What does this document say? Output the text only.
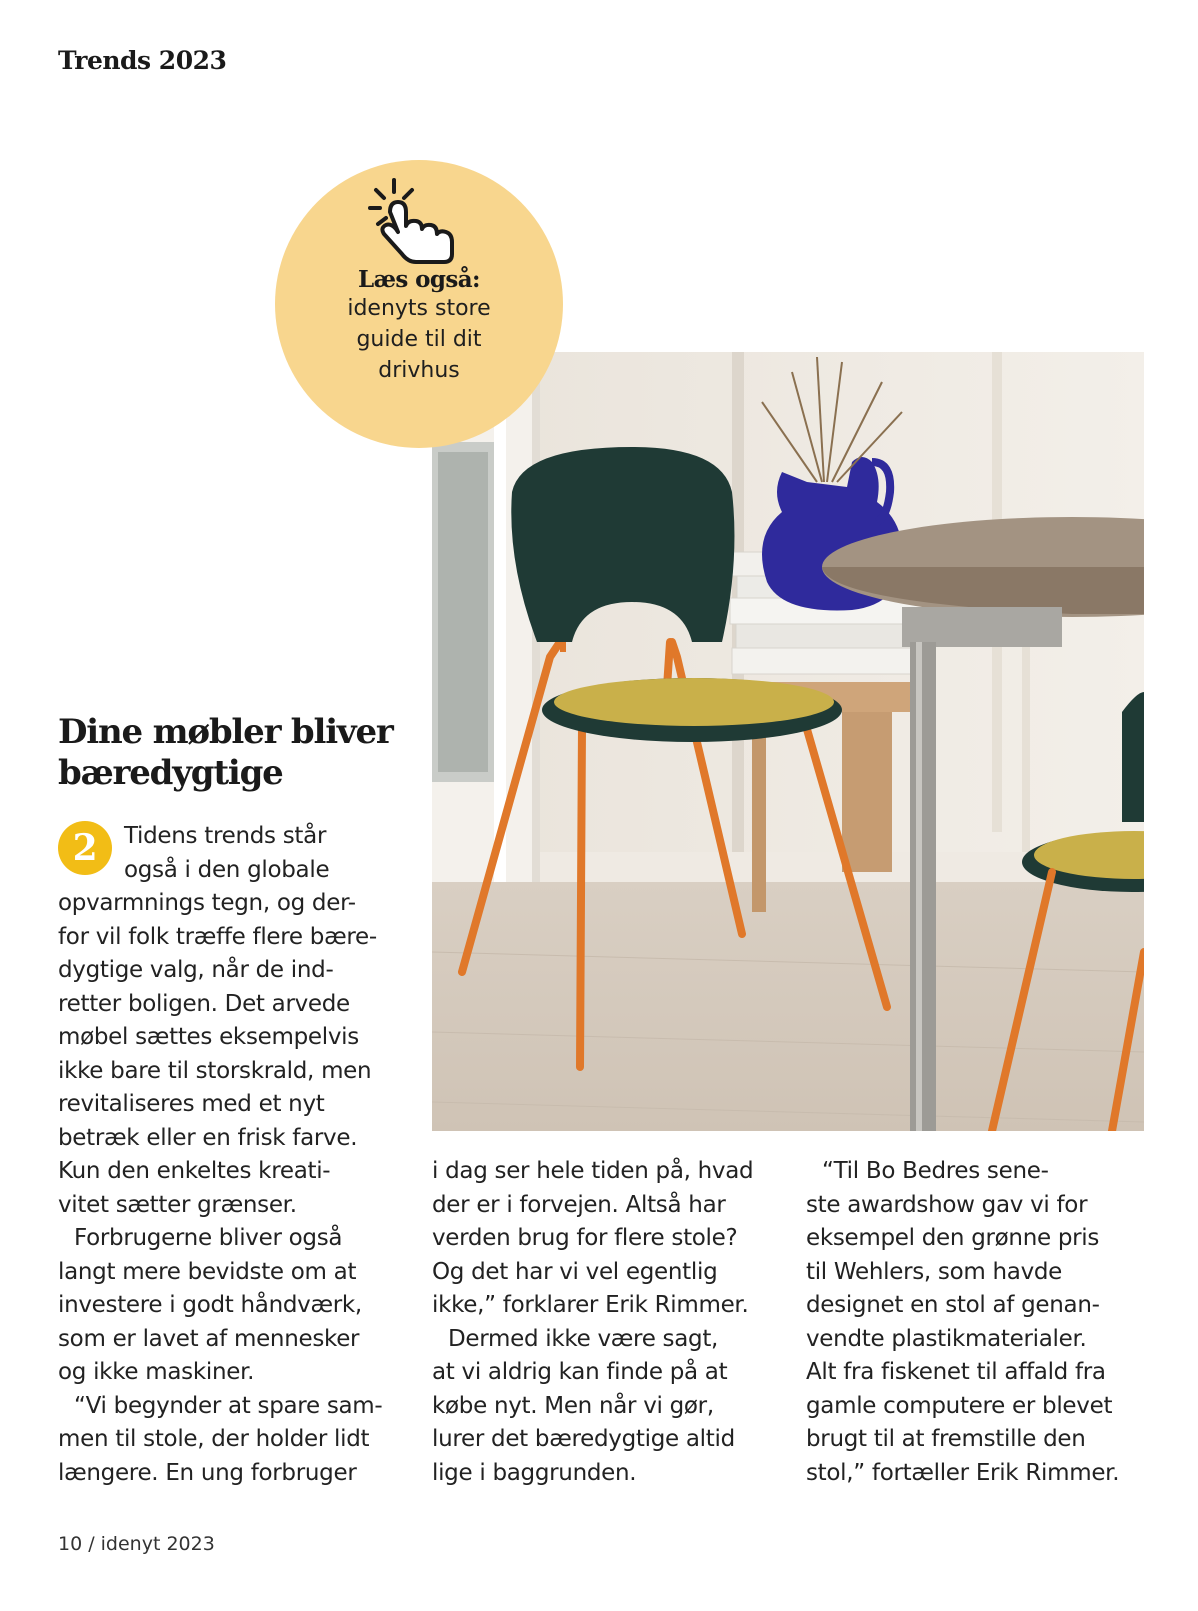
Trends 2023
Læs også:
idenyts store
guide til dit
drivhus
Dine møbler bliver
bæredygtige
2	Tidens trends står
også i den globale
opvarmnings tegn, og der-
for vil folk træffe flere bære-
dygtige valg, når de ind-
retter boligen. Det arvede
møbel sættes eksempelvis
ikke bare til storskrald, men
revitaliseres med et nyt
betræk eller en frisk farve.
Kun den enkeltes kreati-
vitet sætter grænser.
Forbrugerne bliver også
langt mere bevidste om at
investere i godt håndværk,
som er lavet af mennesker
og ikke maskiner.
“Vi begynder at spare sam-
men til stole, der holder lidt
længere. En ung forbruger
i dag ser hele tiden på, hvad
der er i forvejen. Altså har
verden brug for flere stole?
Og det har vi vel egentlig
ikke,” forklarer Erik Rimmer.
Dermed ikke være sagt,
at vi aldrig kan finde på at
købe nyt. Men når vi gør,
lurer det bæredygtige altid
lige i baggrunden.
“Til Bo Bedres sene-
ste awardshow gav vi for
eksempel den grønne pris
til Wehlers, som havde
designet en stol af genan-
vendte plastikmaterialer.
Alt fra fiskenet til affald fra
gamle computere er blevet
brugt til at fremstille den
stol,” fortæller Erik Rimmer.
10 / idenyt 2023
